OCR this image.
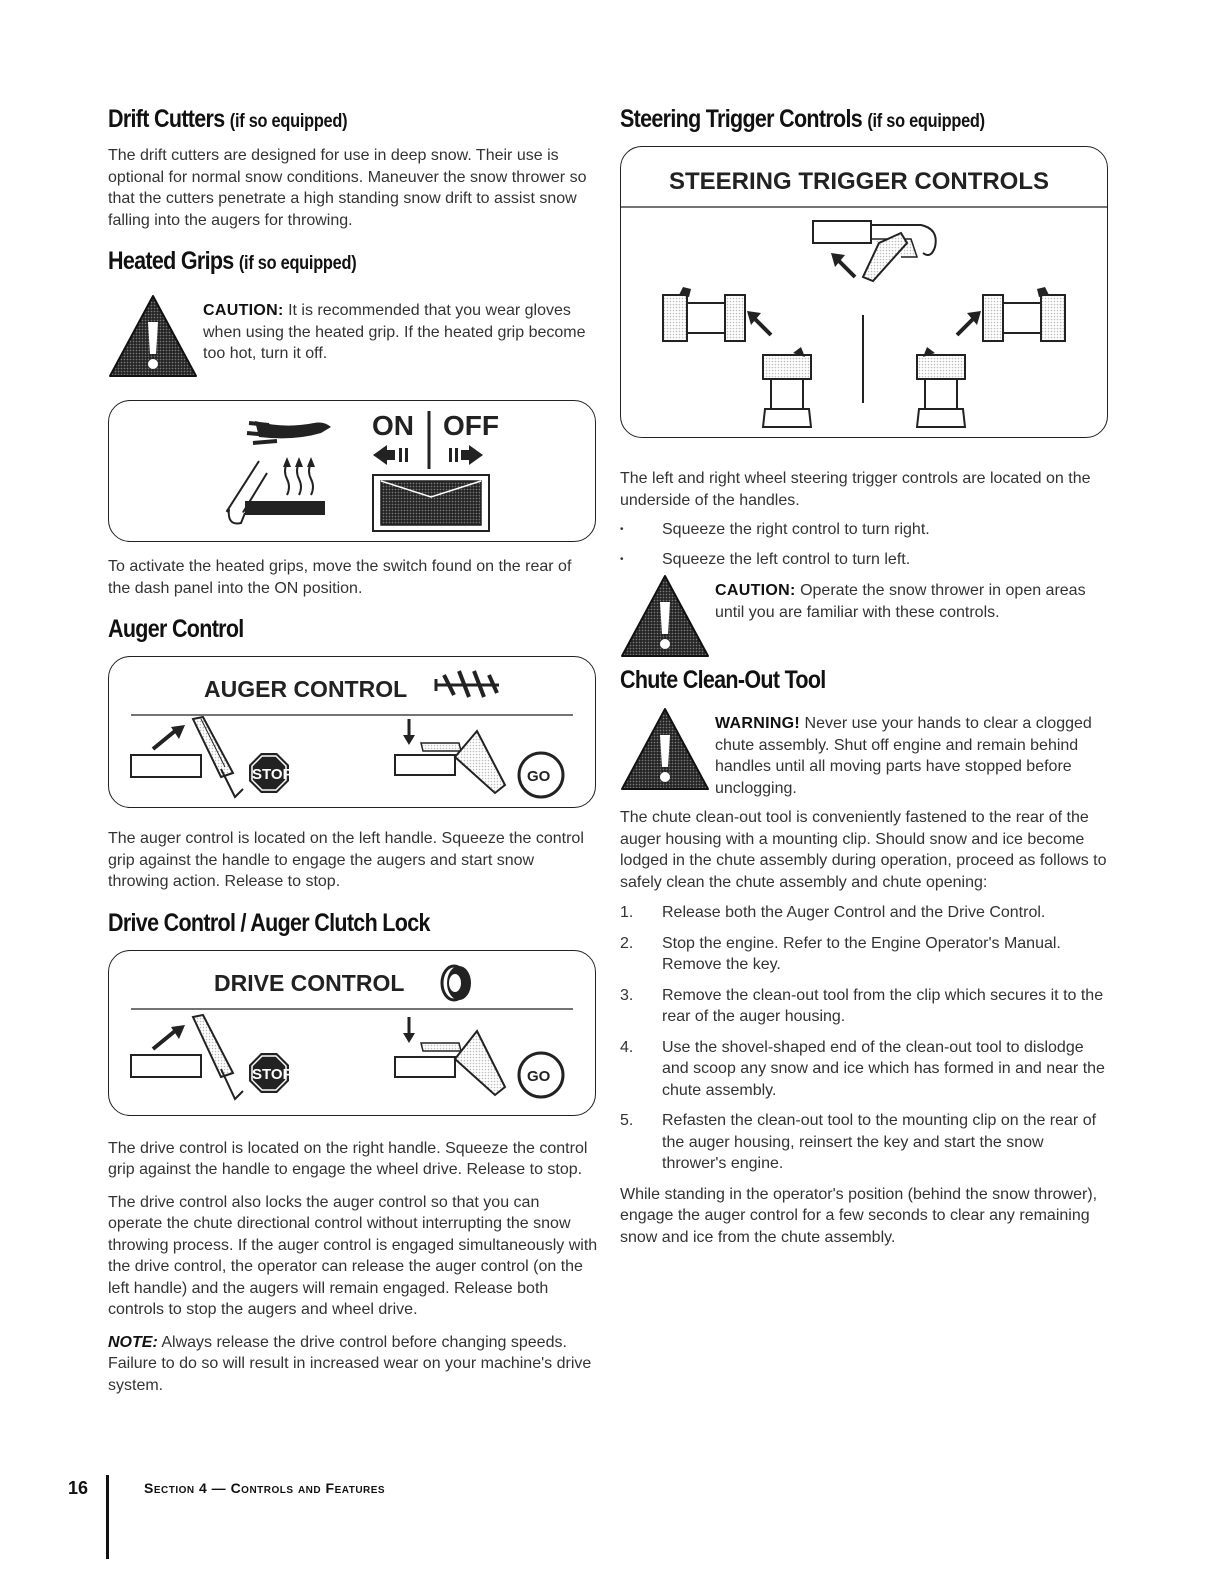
Drift Cutters (if so equipped)

The drift cutters are designed for use in deep snow. Their use is optional for normal snow conditions. Maneuver the snow thrower so that the cutters penetrate a high standing snow drift to assist snow falling into the augers for throwing.

Heated Grips (if so equipped)

CAUTION: It is recommended that you wear gloves when using the heated grip. If the heated grip become too hot, turn it off.

ON OFF

To activate the heated grips, move the switch found on the rear of the dash panel into the ON position.

Auger Control
AUGER CONTROL
STOP	GO

The auger control is located on the left handle. Squeeze the control grip against the handle to engage the augers and start snow throwing action. Release to stop.

Drive Control / Auger Clutch Lock
DRIVE CONTROL
STOP	GO

The drive control is located on the right handle. Squeeze the control grip against the handle to engage the wheel drive. Release to stop.

The drive control also locks the auger control so that you can operate the chute directional control without interrupting the snow throwing process. If the auger control is engaged simultaneously with the drive control, the operator can release the auger control (on the left handle) and the augers will remain engaged. Release both controls to stop the augers and wheel drive.

NOTE: Always release the drive control before changing speeds. Failure to do so will result in increased wear on your machine's drive system.

Steering Trigger Controls (if so equipped)
STEERING TRIGGER CONTROLS

The left and right wheel steering trigger controls are located on the underside of the handles.

• Squeeze the right control to turn right.
• Squeeze the left control to turn left.

CAUTION: Operate the snow thrower in open areas until you are familiar with these controls.

Chute Clean-Out Tool

WARNING! Never use your hands to clear a clogged chute assembly. Shut off engine and remain behind handles until all moving parts have stopped before unclogging.

The chute clean-out tool is conveniently fastened to the rear of the auger housing with a mounting clip. Should snow and ice become lodged in the chute assembly during operation, proceed as follows to safely clean the chute assembly and chute opening:

1. Release both the Auger Control and the Drive Control.
2. Stop the engine. Refer to the Engine Operator's Manual. Remove the key.
3. Remove the clean-out tool from the clip which secures it to the rear of the auger housing.
4. Use the shovel-shaped end of the clean-out tool to dislodge and scoop any snow and ice which has formed in and near the chute assembly.
5. Refasten the clean-out tool to the mounting clip on the rear of the auger housing, reinsert the key and start the snow thrower's engine.

While standing in the operator's position (behind the snow thrower), engage the auger control for a few seconds to clear any remaining snow and ice from the chute assembly.

16	Section 4 — Controls and Features
